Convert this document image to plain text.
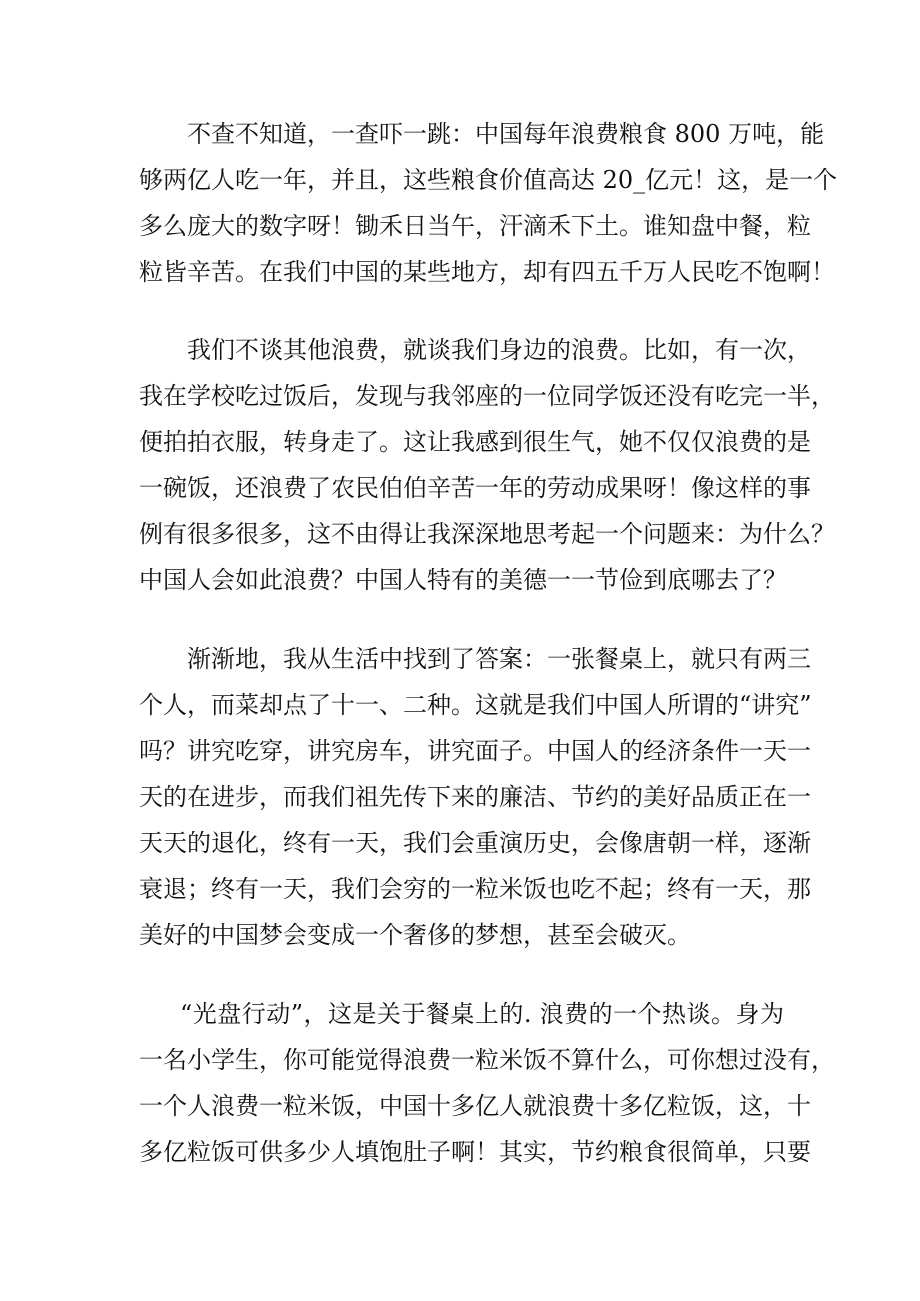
不查不知道，一查吓一跳：中国每年浪费粮食 800 万吨，能
够两亿人吃一年，并且，这些粮食价值高达 20_亿元！这，是一个
多么庞大的数字呀！锄禾日当午，汗滴禾下土。谁知盘中餐，粒
粒皆辛苦。在我们中国的某些地方，却有四五千万人民吃不饱啊！
我们不谈其他浪费，就谈我们身边的浪费。比如，有一次，
我在学校吃过饭后，发现与我邻座的一位同学饭还没有吃完一半，
便拍拍衣服，转身走了。这让我感到很生气，她不仅仅浪费的是
一碗饭，还浪费了农民伯伯辛苦一年的劳动成果呀！像这样的事
例有很多很多，这不由得让我深深地思考起一个问题来：为什么？
中国人会如此浪费？中国人特有的美德一一节俭到底哪去了？
渐渐地，我从生活中找到了答案：一张餐桌上，就只有两三
个人，而菜却点了十一、二种。这就是我们中国人所谓的“讲究”
吗？讲究吃穿，讲究房车，讲究面子。中国人的经济条件一天一
天的在进步，而我们祖先传下来的廉洁、节约的美好品质正在一
天天的退化，终有一天，我们会重演历史，会像唐朝一样，逐渐
衰退；终有一天，我们会穷的一粒米饭也吃不起；终有一天，那
美好的中国梦会变成一个奢侈的梦想，甚至会破灭。
“光盘行动”，这是关于餐桌上的. 浪费的一个热谈。身为
一名小学生，你可能觉得浪费一粒米饭不算什么，可你想过没有，
一个人浪费一粒米饭，中国十多亿人就浪费十多亿粒饭，这，十
多亿粒饭可供多少人填饱肚子啊！其实，节约粮食很简单，只要
